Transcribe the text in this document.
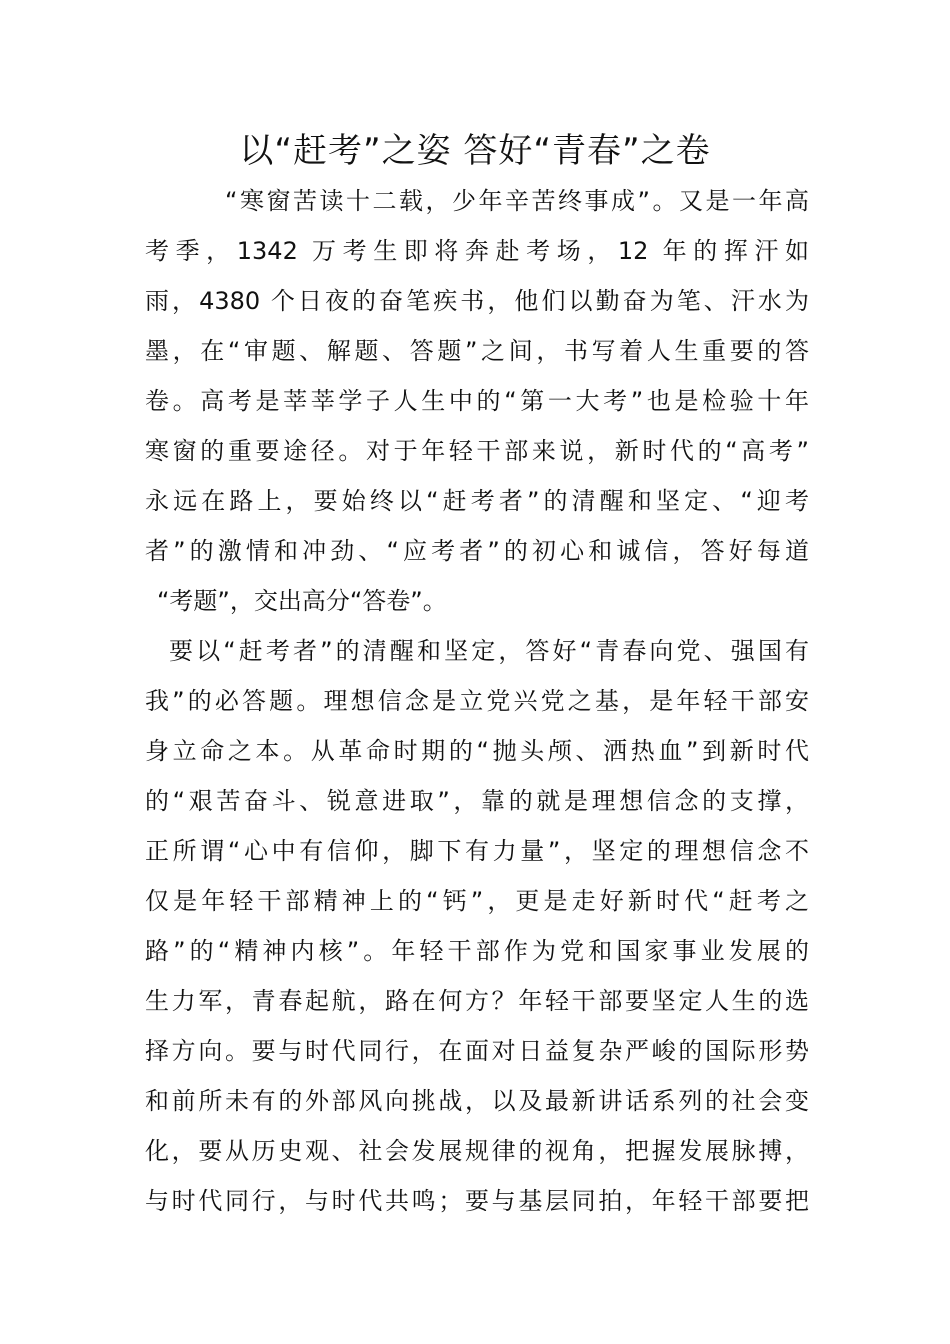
以“赶考”之姿 答好“青春”之卷
“寒窗苦读十二载，少年辛苦终事成”。又是一年高
考季，1342 万考生即将奔赴考场，12 年的挥汗如
雨，4380 个日夜的奋笔疾书，他们以勤奋为笔、汗水为
墨，在“审题、解题、答题”之间，书写着人生重要的答
卷。高考是莘莘学子人生中的“第一大考”也是检验十年
寒窗的重要途径。对于年轻干部来说，新时代的“高考”
永远在路上，要始终以“赶考者”的清醒和坚定、“迎考
者”的激情和冲劲、“应考者”的初心和诚信，答好每道
“考题”，交出高分“答卷”。
要以“赶考者”的清醒和坚定，答好“青春向党、强国有
我”的必答题。理想信念是立党兴党之基，是年轻干部安
身立命之本。从革命时期的“抛头颅、洒热血”到新时代
的“艰苦奋斗、锐意进取”，靠的就是理想信念的支撑，
正所谓“心中有信仰，脚下有力量”，坚定的理想信念不
仅是年轻干部精神上的“钙”，更是走好新时代“赶考之
路”的“精神内核”。年轻干部作为党和国家事业发展的
生力军，青春起航，路在何方？年轻干部要坚定人生的选
择方向。要与时代同行，在面对日益复杂严峻的国际形势
和前所未有的外部风向挑战，以及最新讲话系列的社会变
化，要从历史观、社会发展规律的视角，把握发展脉搏，
与时代同行，与时代共鸣；要与基层同拍，年轻干部要把
